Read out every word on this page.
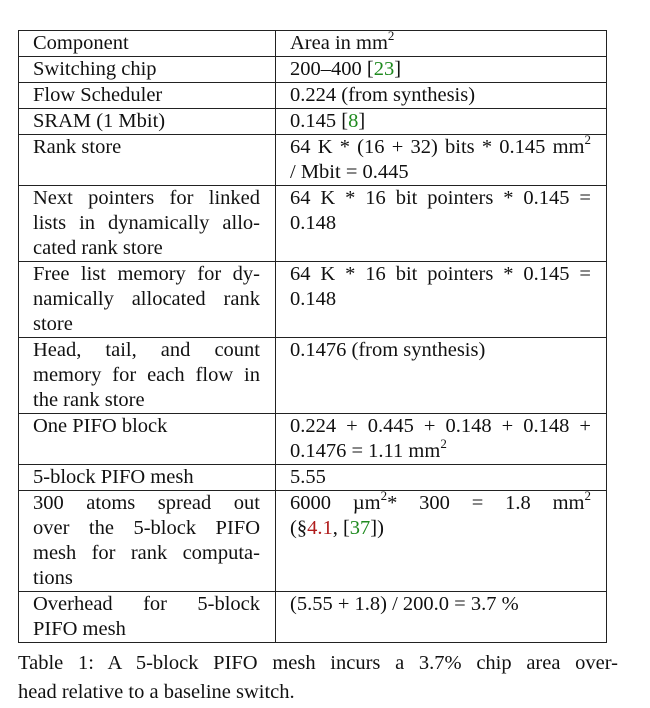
Component	Area in $mm^2$

Switching chip	200–400 [23]

Flow Scheduler	0.224 (from synthesis)

SRAM (1 Mbit)	0.145 [8]

Rank store	64 K * (16 + 32) bits * 0.145 $mm^2$
/ Mbit = 0.445

Next pointers for linked
lists in dynamically allo-
cated rank store	64 K * 16 bit pointers * 0.145 =
0.148

Free list memory for dy-
namically allocated rank
store	64 K * 16 bit pointers * 0.145 =
0.148

Head, tail, and count
memory for each flow in
the rank store	0.1476 (from synthesis)

One PIFO block	0.224 + 0.445 + 0.148 + 0.148 +
0.1476 = 1.11 $mm^2$

5-block PIFO mesh	5.55

300 atoms spread out
over the 5-block PIFO
mesh for rank computa-
tions	6000 µm$^2$* 300 = 1.8 $mm^2$
(§4.1, [37])

Overhead for 5-block
PIFO mesh	(5.55 + 1.8) / 200.0 = 3.7 %
Table 1: A 5-block PIFO mesh incurs a 3.7% chip area over-
head relative to a baseline switch.
